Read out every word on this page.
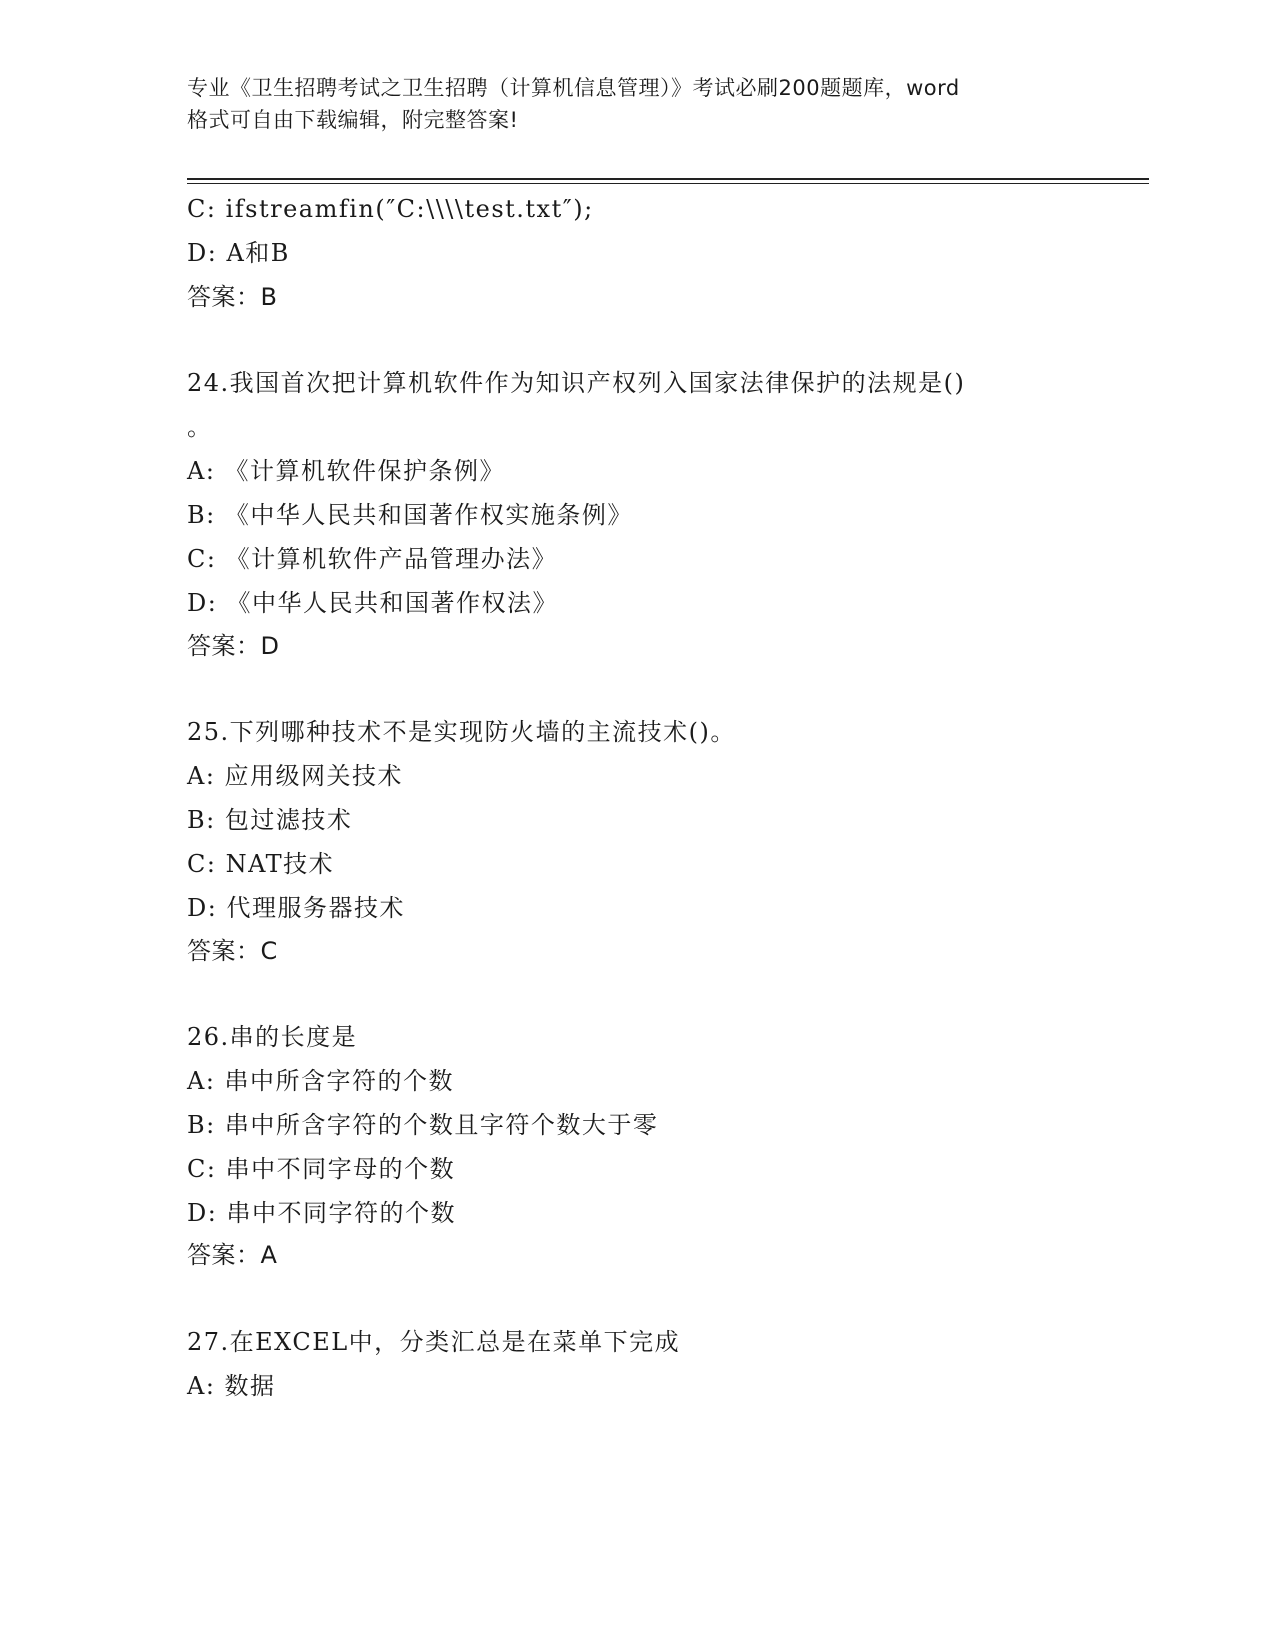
专业《卫生招聘考试之卫生招聘（计算机信息管理）》考试必刷200题题库，word
格式可自由下载编辑，附完整答案!
C: ifstreamfin(″C:\\\\test.txt″);
D: A和B
答案：B
24.我国首次把计算机软件作为知识产权列入国家法律保护的法规是()
。
A: 《计算机软件保护条例》
B: 《中华人民共和国著作权实施条例》
C: 《计算机软件产品管理办法》
D: 《中华人民共和国著作权法》
答案：D
25.下列哪种技术不是实现防火墙的主流技术()。
A: 应用级网关技术
B: 包过滤技术
C: NAT技术
D: 代理服务器技术
答案：C
26.串的长度是
A: 串中所含字符的个数
B: 串中所含字符的个数且字符个数大于零
C: 串中不同字母的个数
D: 串中不同字符的个数
答案：A
27.在EXCEL中，分类汇总是在菜单下完成
A: 数据
